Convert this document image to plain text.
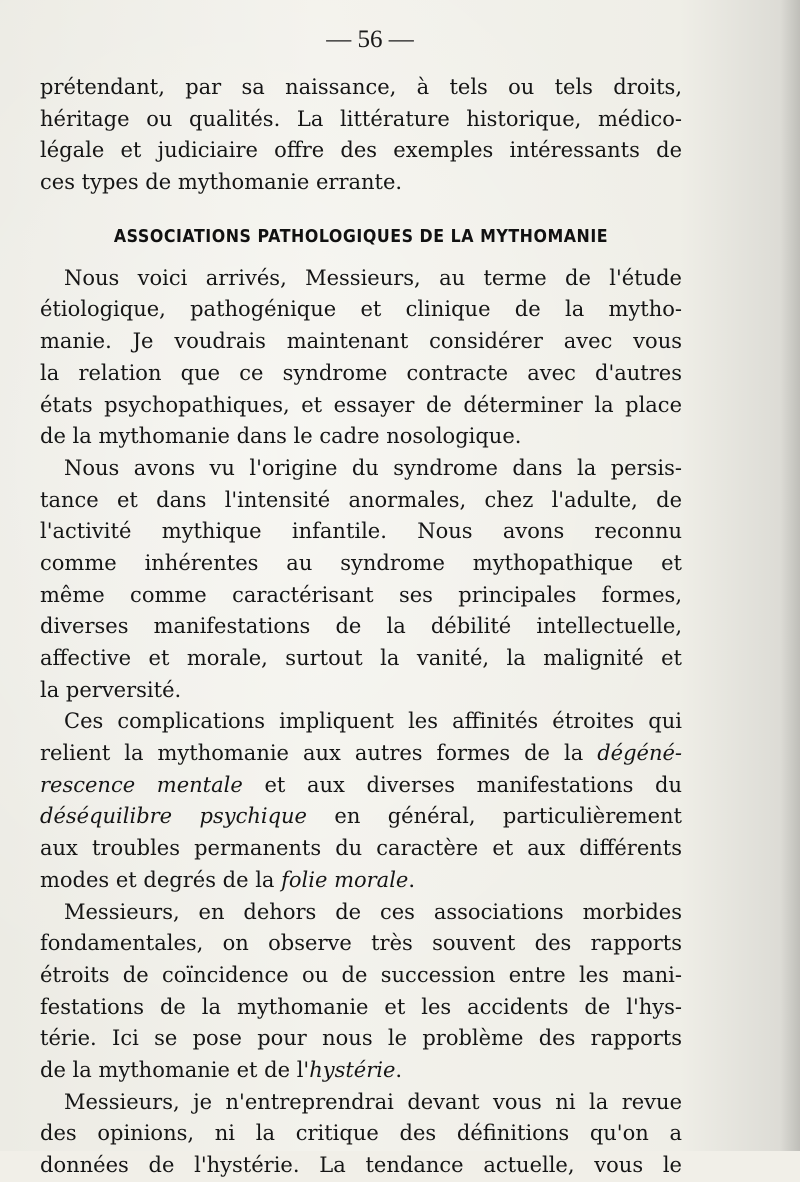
— 56 —
prétendant, par sa naissance, à tels ou tels droits,
héritage ou qualités. La littérature historique, médico-
légale et judiciaire offre des exemples intéressants de
ces types de mythomanie errante.
ASSOCIATIONS PATHOLOGIQUES DE LA MYTHOMANIE
Nous voici arrivés, Messieurs, au terme de l'étude
étiologique, pathogénique et clinique de la mytho-
manie. Je voudrais maintenant considérer avec vous
la relation que ce syndrome contracte avec d'autres
états psychopathiques, et essayer de déterminer la place
de la mythomanie dans le cadre nosologique.
Nous avons vu l'origine du syndrome dans la persis-
tance et dans l'intensité anormales, chez l'adulte, de
l'activité mythique infantile. Nous avons reconnu
comme inhérentes au syndrome mythopathique et
même comme caractérisant ses principales formes,
diverses manifestations de la débilité intellectuelle,
affective et morale, surtout la vanité, la malignité et
la perversité.
Ces complications impliquent les affinités étroites qui
relient la mythomanie aux autres formes de la dégéné-
rescence mentale et aux diverses manifestations du
déséquilibre psychique en général, particulièrement
aux troubles permanents du caractère et aux différents
modes et degrés de la folie morale.
Messieurs, en dehors de ces associations morbides
fondamentales, on observe très souvent des rapports
étroits de coïncidence ou de succession entre les mani-
festations de la mythomanie et les accidents de l'hys-
térie. Ici se pose pour nous le problème des rapports
de la mythomanie et de l'hystérie.
Messieurs, je n'entreprendrai devant vous ni la revue
des opinions, ni la critique des définitions qu'on a
données de l'hystérie. La tendance actuelle, vous le
